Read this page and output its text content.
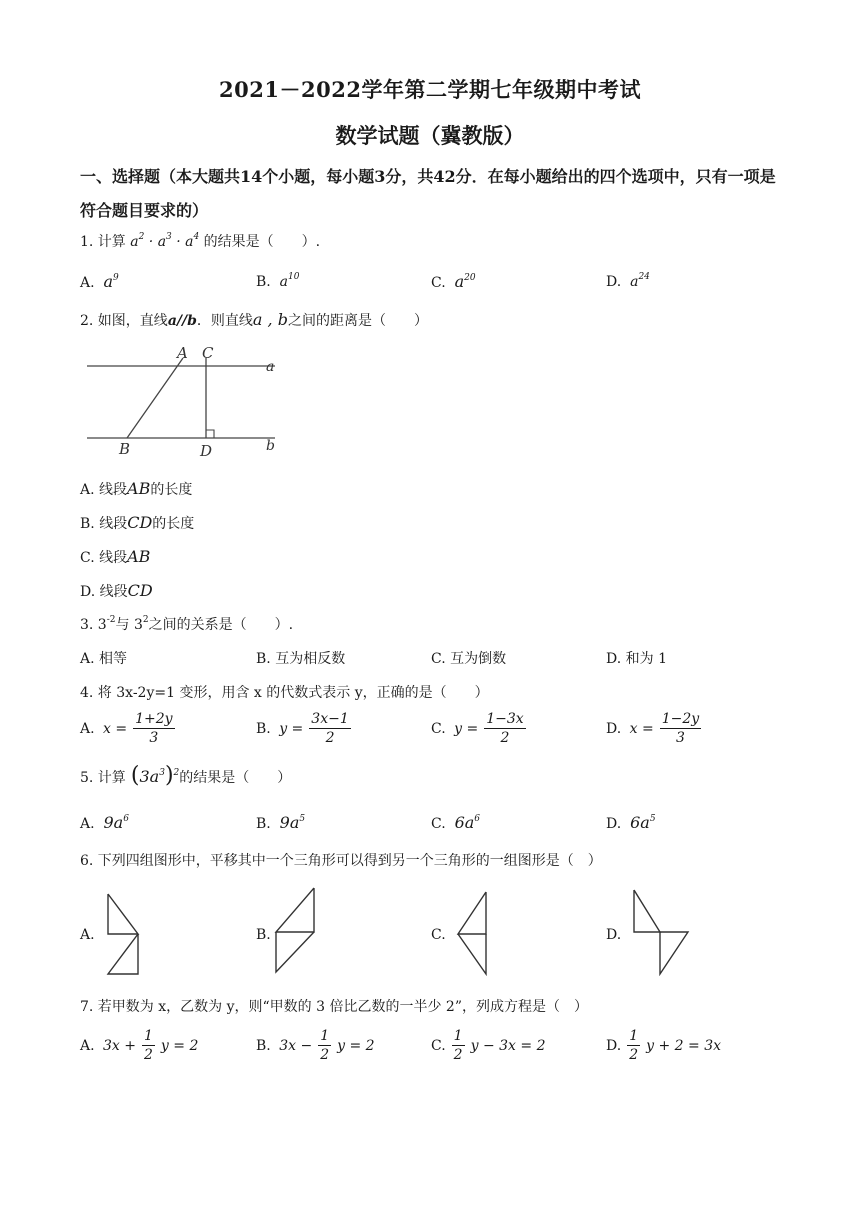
2021－2022学年第二学期七年级期中考试
数学试题（冀教版）
一、选择题（本大题共14个小题，每小题3分，共42分．在每小题给出的四个选项中，只有一项是符合题目要求的）
1. 计算 $a^2 \cdot a^3 \cdot a^4$ 的结果是（　　）.
A. $a^9$	B. $a^{10}$	C. $a^{20}$	D. $a^{24}$
2. 如图，直线a//b．则直线a , b之间的距离是（　　）
A C
a
B	D	b
A. 线段AB的长度
B. 线段CD的长度
C. 线段AB
D. 线段CD
3. $3^{-2}$与 $3^2$之间的关系是（　　）.
A. 相等	B. 互为相反数	C. 互为倒数	D. 和为 1
4. 将 3x-2y=1 变形，用含 x 的代数式表示 y，正确的是（　　）
A. $x = \frac{1+2y}{3}$	B. $y = \frac{3x-1}{2}$	C. $y = \frac{1-3x}{2}$	D. $x = \frac{1-2y}{3}$
5. 计算 $(3a^3)^2$的结果是（　　）
A. $9a^6$	B. $9a^5$	C. $6a^6$	D. $6a^5$
6. 下列四组图形中，平移其中一个三角形可以得到另一个三角形的一组图形是（　）
A.	B.	C.	D.
7. 若甲数为 x，乙数为 y，则“甲数的 3 倍比乙数的一半少 2”，列成方程是（　）
A. $3x + \frac{1}{2}$ y = 2	B. $3x - \frac{1}{2}$ y = 2	C. $\frac{1}{2}$ y − 3x = 2	D. $\frac{1}{2}$ y + 2 = 3x
